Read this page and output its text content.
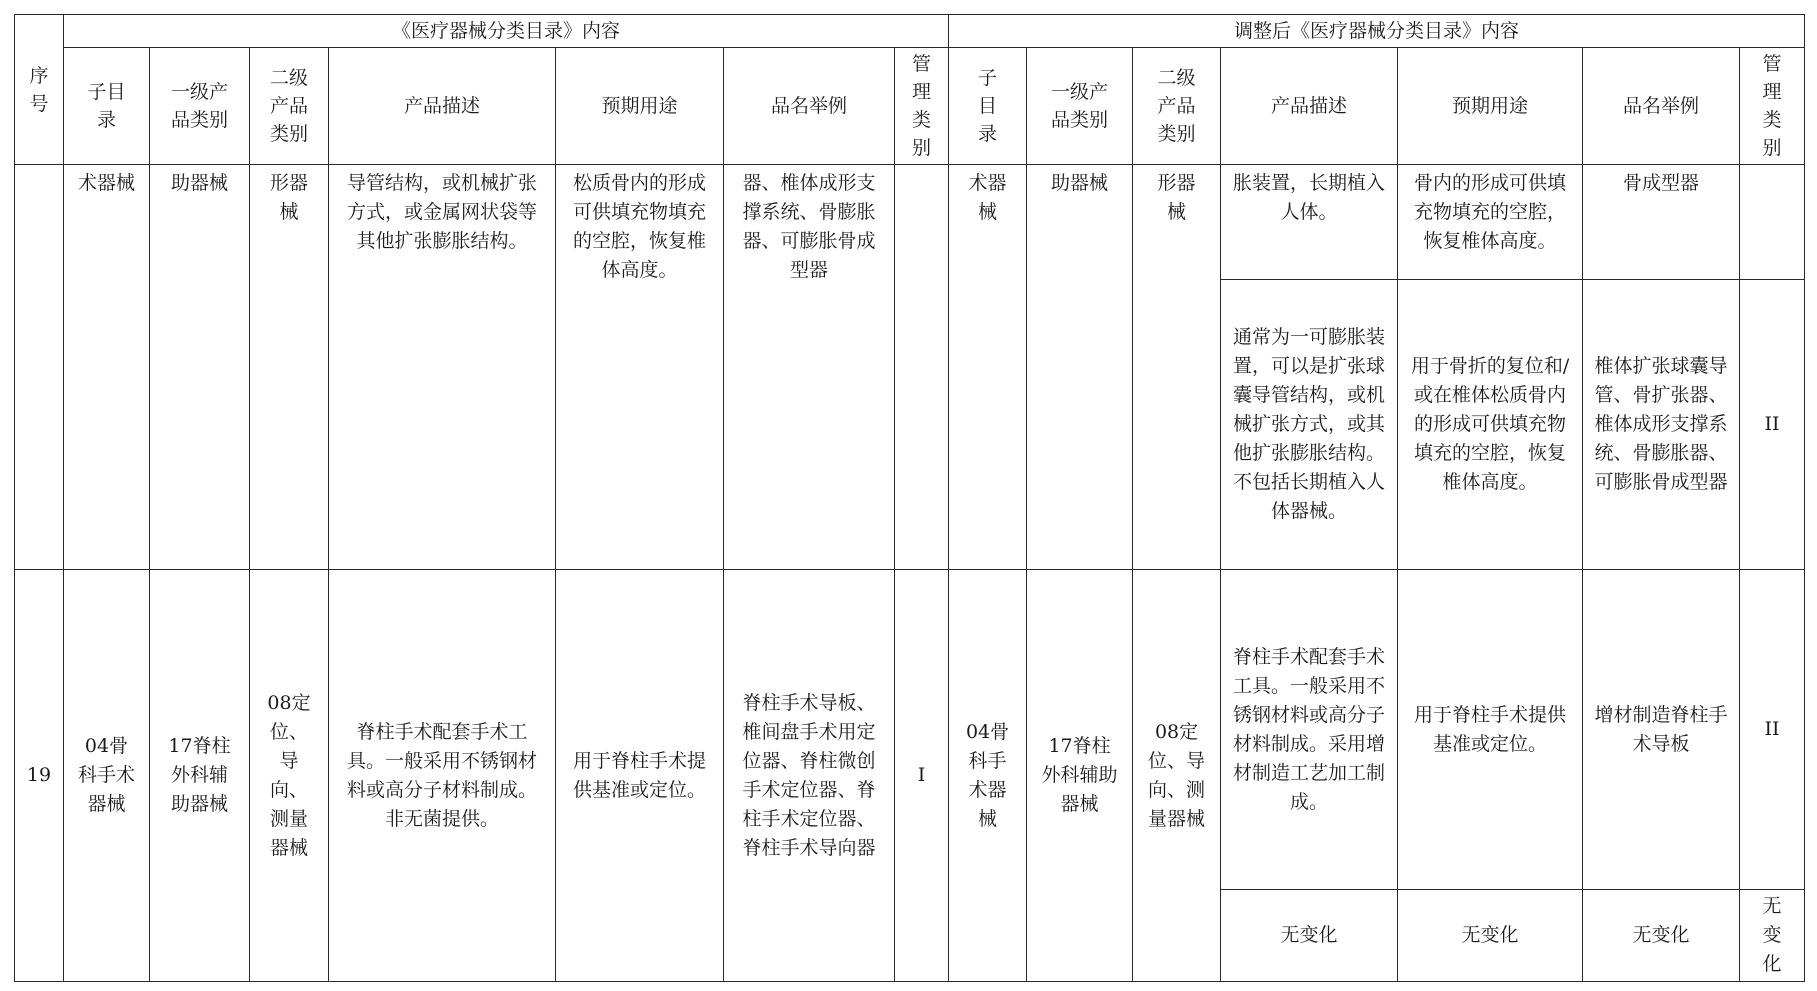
序号	《医疗器械分类目录》内容							调整后《医疗器械分类目录》内容						
	子目录	一级产品类别	二级产品类别	产品描述	预期用途	品名举例	管理类别	子目录	一级产品类别	二级产品类别	产品描述	预期用途	品名举例	管理类别
	术器械	助器械	形器械	导管结构，或机械扩张方式，或金属网状袋等其他扩张膨胀结构。	松质骨内的形成可供填充物填充的空腔，恢复椎体高度。	器、椎体成形支撑系统、骨膨胀器、可膨胀骨成型器		术器械	助器械	形器械	胀装置，长期植入人体。	骨内的形成可供填充物填充的空腔，恢复椎体高度。	骨成型器	
											通常为一可膨胀装置，可以是扩张球囊导管结构，或机械扩张方式，或其他扩张膨胀结构。不包括长期植入人体器械。	用于骨折的复位和/或在椎体松质骨内的形成可供填充物填充的空腔，恢复椎体高度。	椎体扩张球囊导管、骨扩张器、椎体成形支撑系统、骨膨胀器、可膨胀骨成型器	II
19	04骨科手术器械	17脊柱外科辅助器械	08定位、导向、测量器械	脊柱手术配套手术工具。一般采用不锈钢材料或高分子材料制成。非无菌提供。	用于脊柱手术提供基准或定位。	脊柱手术导板、椎间盘手术用定位器、脊柱微创手术定位器、脊柱手术定位器、脊柱手术导向器	I	04骨科手术器械	17脊柱外科辅助器械	08定位、导向、测量器械	脊柱手术配套手术工具。一般采用不锈钢材料或高分子材料制成。采用增材制造工艺加工制成。	用于脊柱手术提供基准或定位。	增材制造脊柱手术导板	II
											无变化	无变化	无变化	无变化
